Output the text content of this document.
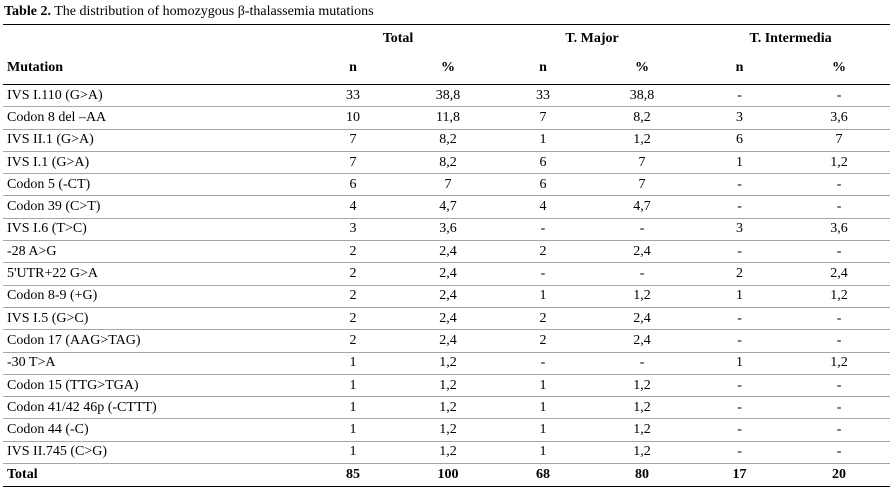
Table 2. The distribution of homozygous β-thalassemia mutations
	Total		T. Major		T. Intermedia	
Mutation	n	%	n	%	n	%
IVS I.110 (G>A)	33	38,8	33	38,8	-	-
Codon 8 del –AA	10	11,8	7	8,2	3	3,6
IVS II.1 (G>A)	7	8,2	1	1,2	6	7
IVS I.1 (G>A)	7	8,2	6	7	1	1,2
Codon 5 (-CT)	6	7	6	7	-	-
Codon 39 (C>T)	4	4,7	4	4,7	-	-
IVS I.6 (T>C)	3	3,6	-	-	3	3,6
-28 A>G	2	2,4	2	2,4	-	-
5'UTR+22 G>A	2	2,4	-	-	2	2,4
Codon 8-9 (+G)	2	2,4	1	1,2	1	1,2
IVS I.5 (G>C)	2	2,4	2	2,4	-	-
Codon 17 (AAG>TAG)	2	2,4	2	2,4	-	-
-30 T>A	1	1,2	-	-	1	1,2
Codon 15 (TTG>TGA)	1	1,2	1	1,2	-	-
Codon 41/42 46p (-CTTT)	1	1,2	1	1,2	-	-
Codon 44 (-C)	1	1,2	1	1,2	-	-
IVS II.745 (C>G)	1	1,2	1	1,2	-	-
Total	85	100	68	80	17	20
